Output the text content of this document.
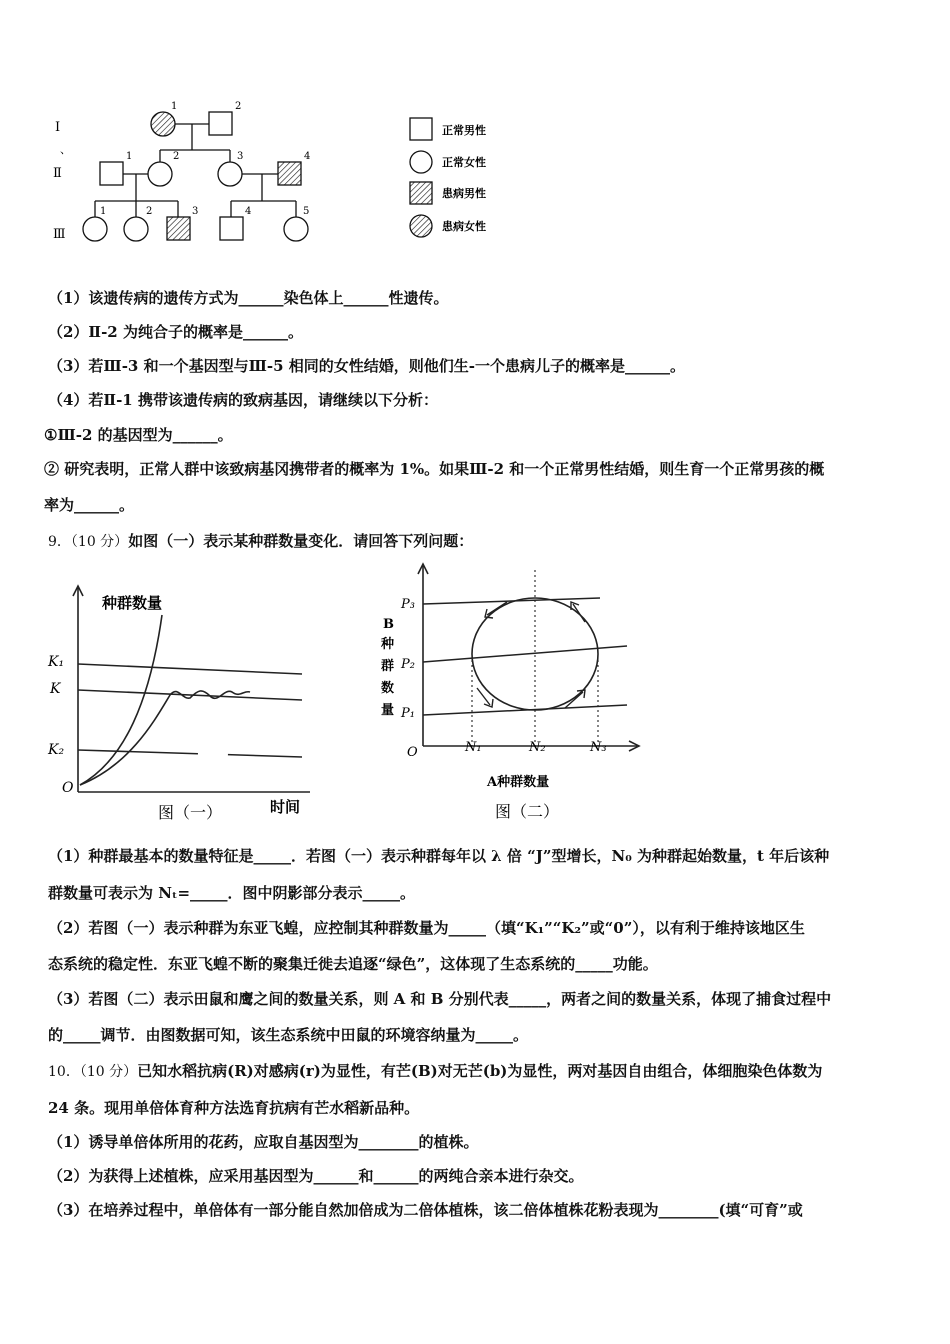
Ⅰ
、
Ⅱ
Ⅲ
1	2
1	2	3	4
1	2	3	4	5
正常男性
正常女性
患病男性
患病女性
（1）该遗传病的遗传方式为______染色体上______性遗传。
（2）Ⅱ-2 为纯合子的概率是______。
（3）若Ⅲ-3 和一个基因型与Ⅲ-5 相同的女性结婚，则他们生-一个患病儿子的概率是______。
（4）若Ⅱ-1 携带该遗传病的致病基因，请继续以下分析：
①Ⅲ-2 的基因型为______。
② 研究表明，正常人群中该致病基冈携带者的概率为 1%。如果Ⅲ-2 和一个正常男性结婚，则生育一个正常男孩的概
率为______。
9．（10 分）如图（一）表示某种群数量变化．请回答下列问题：
种群数量
K₁
K
K₂
O
图（一）	时间
B
种
群
数
量
P₃
P₂
P₁
O	N₁	N₂	N₃
A种群数量
图（二）
（1）种群最基本的数量特征是_____．若图（一）表示种群每年以 λ 倍 “J”型增长，N₀ 为种群起始数量，t 年后该种
群数量可表示为 Nₜ=_____．图中阴影部分表示_____。
（2）若图（一）表示种群为东亚飞蝗，应控制其种群数量为_____（填“K₁”“K₂”或“0”），以有利于维持该地区生
态系统的稳定性．东亚飞蝗不断的聚集迁徙去追逐“绿色”，这体现了生态系统的_____功能。
（3）若图（二）表示田鼠和鹰之间的数量关系，则 A 和 B 分别代表_____，两者之间的数量关系，体现了捕食过程中
的_____调节．由图数据可知，该生态系统中田鼠的环境容纳量为_____。
10．（10 分）已知水稻抗病(R)对感病(r)为显性，有芒(B)对无芒(b)为显性，两对基因自由组合，体细胞染色体数为
24 条。现用单倍体育种方法选育抗病有芒水稻新品种。
（1）诱导单倍体所用的花药，应取自基因型为________的植株。
（2）为获得上述植株，应采用基因型为______和______的两纯合亲本进行杂交。
（3）在培养过程中，单倍体有一部分能自然加倍成为二倍体植株，该二倍体植株花粉表现为________(填“可育”或
